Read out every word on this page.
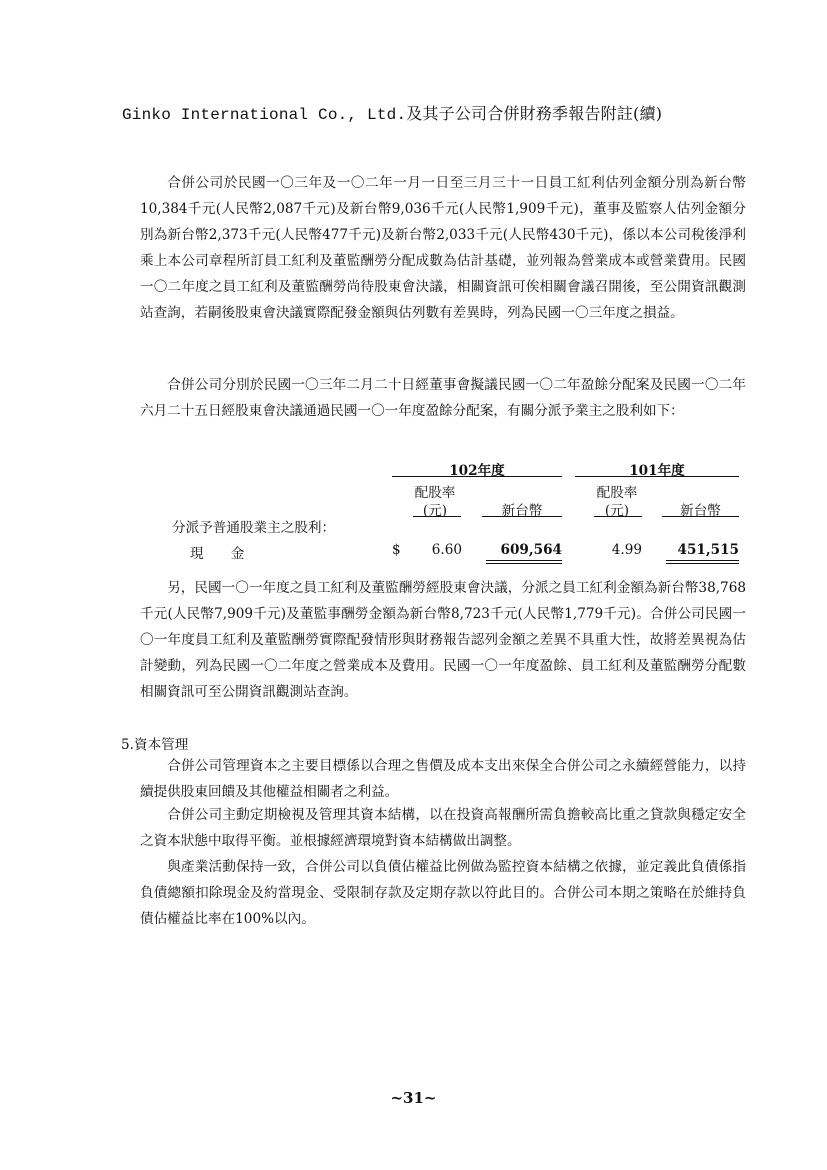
Ginko International Co., Ltd.及其子公司合併財務季報告附註(續)

合併公司於民國一〇三年及一〇二年一月一日至三月三十一日員工紅利估列金額分別為新台幣10,384千元(人民幣2,087千元)及新台幣9,036千元(人民幣1,909千元)，董事及監察人估列金額分別為新台幣2,373千元(人民幣477千元)及新台幣2,033千元(人民幣430千元)，係以本公司稅後淨利乘上本公司章程所訂員工紅利及董監酬勞分配成數為估計基礎，並列報為營業成本或營業費用。民國一〇二年度之員工紅利及董監酬勞尚待股東會決議，相關資訊可俟相關會議召開後，至公開資訊觀測站查詢，若嗣後股東會決議實際配發金額與估列數有差異時，列為民國一〇三年度之損益。

合併公司分別於民國一〇三年二月二十日經董事會擬議民國一〇二年盈餘分配案及民國一〇二年六月二十五日經股東會決議通過民國一〇一年度盈餘分配案，有關分派予業主之股利如下：

102年度	101年度
配股率
(元)	新台幣
配股率
(元)	新台幣
分派予普通股業主之股利：
現　　金	$	6.60	609,564	4.99	451,515

另，民國一〇一年度之員工紅利及董監酬勞經股東會決議，分派之員工紅利金額為新台幣38,768千元(人民幣7,909千元)及董監事酬勞金額為新台幣8,723千元(人民幣1,779千元)。合併公司民國一〇一年度員工紅利及董監酬勞實際配發情形與財務報告認列金額之差異不具重大性，故將差異視為估計變動，列為民國一〇二年度之營業成本及費用。民國一〇一年度盈餘、員工紅利及董監酬勞分配數相關資訊可至公開資訊觀測站查詢。

5.資本管理

合併公司管理資本之主要目標係以合理之售價及成本支出來保全合併公司之永續經營能力，以持續提供股東回饋及其他權益相關者之利益。

合併公司主動定期檢視及管理其資本結構，以在投資高報酬所需負擔較高比重之貸款與穩定安全之資本狀態中取得平衡。並根據經濟環境對資本結構做出調整。

與產業活動保持一致，合併公司以負債佔權益比例做為監控資本結構之依據，並定義此負債係指負債總額扣除現金及約當現金、受限制存款及定期存款以符此目的。合併公司本期之策略在於維持負債佔權益比率在100%以內。

~31~
